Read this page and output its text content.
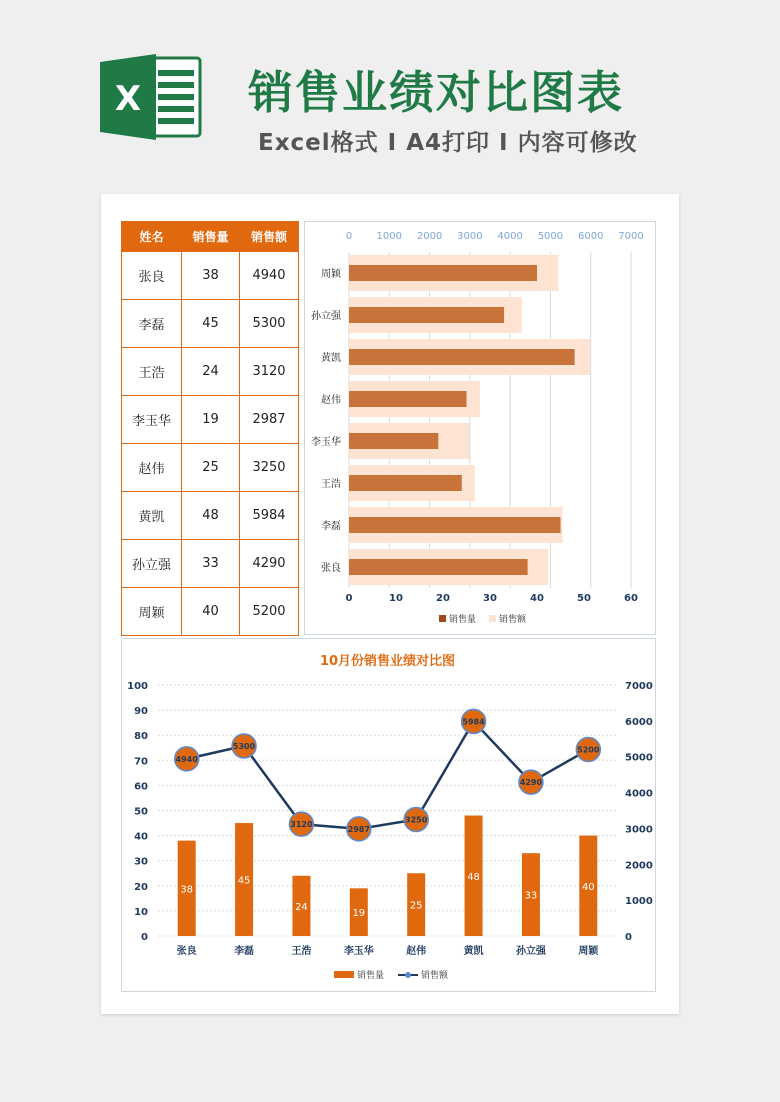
X 销售业绩对比图表
Excel格式 I A4打印 I 内容可修改
姓名	销售量	销售额
张良	38	4940
李磊	45	5300
王浩	24	3120
李玉华	19	2987
赵伟	25	3250
黄凯	48	5984
孙立强	33	4290
周颖	40	5200
0 1000 2000 3000 4000 5000 6000 7000
0	10	20	30	40	50	60
周颖
孙立强
黄凯
赵伟
李玉华
王浩
李磊
张良
销售量	销售额
10月份销售业绩对比图
0
10
20
30
40
50
60
70
80
90
100
0
1000
2000
3000
4000
5000
6000
7000
38
张良
45
李磊
24
王浩
19
李玉华
25
赵伟
48
黄凯
33
孙立强
40
周颖
4940
5300
3120
2987
3250
5984
4290
5200
销售量	销售额
